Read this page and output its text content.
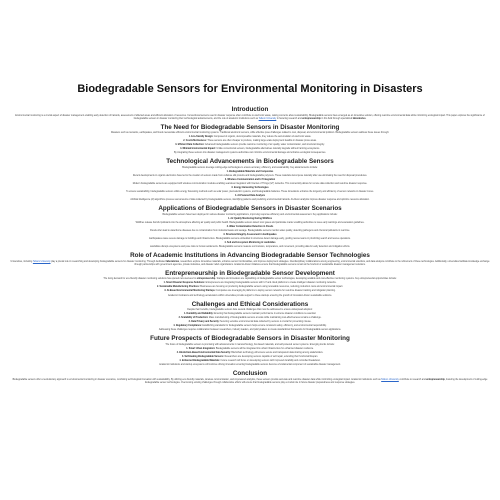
Biodegradable Sensors for Environmental Monitoring in Disasters
Introduction

Environmental monitoring is a crucial aspect of disaster management enabling early detection of hazards, assessment of affected areas and efficient allocation of resources. Conventional sensors used in disaster response often contribute to electronic waste, raising concerns about sustainability. Biodegradable sensors have emerged as an innovative solution, offering real-time environmental data while minimizing ecological impact. This paper explores the significance of biodegradable sensors in disaster monitoring their technological advancements, and the role of academic institutions such as Telkom University in fostering research and entrepreneurship in this field through specialized laboratories.

The Need for Biodegradable Sensors in Disaster Monitoring

Disasters such as tsunamis, earthquakes, and floods necessitate efficient environmental monitoring systems. Traditional electronic sensors, while effective pose challenges related to cost, disposal, and environmental pollution. Biodegradable sensors address these issues through:

1. Eco-friendly Design: Composed of organic, decomposable materials, they reduce the accumulation of electronic waste.

2. Cost-Effectiveness: These sensors are often cheaper to produce, making large-scale deployment feasible in disaster-prone areas.

3. Efficient Data Collection: Advanced biodegradable sensors provide real-time monitoring of air quality, water contamination, and structural integrity.

4. Minimal Environmental Impact: Unlike conventional sensors, biodegradable alternatives naturally degrade without harming ecosystems.

By integrating these sensors into disaster management systems authorities can minimize environmental damage and enhance ecological consequences.

Technological Advancements in Biodegradable Sensors

Biodegradable sensors leverage cutting-edge technologies to ensure accuracy, efficiency, and sustainability. Key advancements include:

1. Biodegradable Materials and Composites

Recent developments in organic electronics have led to the creation of sensors made from cellulose silk proteins and biodegradable polymers. These materials decompose naturally after use eliminating the need for disposal procedures.

2. Wireless Communication and IoT Integration

Modern biodegradable sensors are equipped with wireless communication modules enabling seamless integration with Internet of Things (IoT) networks. This connectivity allows for remote data collection and real-time disaster response.

3. Energy Harvesting Technologies

To ensure sustainability, biodegradable sensors utilize energy harvesting methods such as solar power, piezoelectric systems, and biodegradable batteries. These innovations enhance the longevity and efficiency of sensor networks in disaster zones.

4. AI-Powered Data Analysis

Artificial intelligence (AI) algorithms process vast amounts of data collected by biodegradable sensors, identifying patterns and predicting environmental hazards. AI-driven analytics improve disaster response and optimize resource allocation.

Applications of Biodegradable Sensors in Disaster Scenarios

Biodegradable sensors have been deployed in various disaster monitoring applications, improving response efficiency and environmental assessment. Key applications include:

1. Air Quality Monitoring During Wildfires

Wildfires release harmful pollutants into the atmosphere affecting air quality and public health. Biodegradable sensors detect toxic gases and particulate matter enabling authorities to issue early warnings and evacuation guidelines.

2. Water Contamination Detection in Floods

Floods often lead to waterborne diseases due to contamination from industrial waste and sewage. Biodegradable sensors monitor water quality, detecting pathogens and chemical pollutants in real time.

3. Structural Integrity Assessment in Earthquakes

Earthquakes cause severe damage to buildings and infrastructure. Biodegradable sensors embedded in structures detect damage early, guiding rescue teams in prioritizing search and rescue operations.

4. Soil and Ecosystem Monitoring in Landslides

Landslides disrupt ecosystems and pose risks to human settlements. Biodegradable sensors measure soil moisture, temperature, and movement, providing data for early detection and mitigation efforts.

Role of Academic Institutions in Advancing Biodegradable Sensor Technologies

Universities, including Telkom University play a pivotal role in researching and developing biodegradable sensors for disaster monitoring. Through dedicated laboratories, researchers explore innovative materials, enhance sensor functionalities, and improve deployment strategies. Interdisciplinary collaborations among engineering, environmental scientists, and data analysts contribute to the refinement of these technologies. Additionally, universities facilitate knowledge exchange through partnerships with government agencies, private industries, and disaster relief organizations. Academic-driven initiatives ensure that biodegradable sensors remain at the forefront of sustainable disaster management solutions.

Entrepreneurship in Biodegradable Sensor Development

The rising demand for eco-friendly disaster monitoring solutions has opened new avenues for entrepreneurship. Startups and innovators are capitalizing on biodegradable sensor technologies, developing scalable and cost-effective monitoring systems. Key entrepreneurial opportunities include:

1. Smart Disaster Response Solutions: Entrepreneurs are integrating biodegradable sensors with IoT and cloud platforms to create intelligent disaster monitoring networks.

2. Sustainable Manufacturing Practices: Businesses are focusing on producing biodegradable sensors using renewable resources, reducing production costs and environmental impact.

3. AI-Based Environmental Monitoring Startups: Companies are leveraging AI platforms to deploy sensor networks for real-time disaster tracking and mitigation planning.

Academic incubators and technology accelerators within universities provide support to these startups ensuring the growth of innovation-driven sustainable solutions.

Challenges and Ethical Considerations

Despite their benefits, biodegradable sensors face several challenges that must be addressed to ensure widespread adoption:

1. Durability and Reliability: Ensuring that biodegradable sensors maintain performance in extreme disaster conditions is essential.

2. Scalability of Production: Mass manufacturing of biodegradable sensors at scale while maintaining cost-effectiveness remains a challenge.

3. Data Privacy and Security: Securing sensitive environmental data collected by sensors is crucial for preventing misuse.

4. Regulatory Compliance: Establishing standards for biodegradable sensors helps ensure consistent safety, efficiency, and environmental responsibility.

Addressing these challenges requires collaboration between researchers, industry leaders, and policymakers to create standardized frameworks for biodegradable sensor applications.

Future Prospects of Biodegradable Sensors in Disaster Monitoring

The future of biodegradable sensors is promising with advancements in nanotechnology, bio-based materials, and self-powered sensor systems. Emerging trends include:

1. Smart Urban Integration: Biodegradable sensors will be integrated into urban infrastructure for enhanced disaster resilience.

2. Blockchain-Based Environmental Data Security: Blockchain technology will ensure secure and transparent data sharing among stakeholders.

3. Self-Healing Biodegradable Sensors: Researchers are developing sensors capable of self-repair, extending their functional lifespan.

4. Enhanced Biodegradable Materials: Future research will focus on developing sensors with improved durability and controlled breakdown.

Academic institutions and startup ecosystems will continue driving innovation ensuring biodegradable sensors become a fundamental component of sustainable disaster management.

Conclusion

Biodegradable sensors offer a revolutionary approach to environmental monitoring in disaster scenarios, combining technological innovation with sustainability. By utilizing eco-friendly materials, wireless communication, and AI-powered analytics, these sensors provide accurate and real-time disaster data while minimizing ecological impact. Academic institutions such as Telkom University contribute to research and entrepreneurship, fostering the development of cutting-edge biodegradable sensor technologies. Overcoming existing challenges through collaborative efforts will ensure that biodegradable sensors play a crucial role in future disaster preparedness and response strategies.
